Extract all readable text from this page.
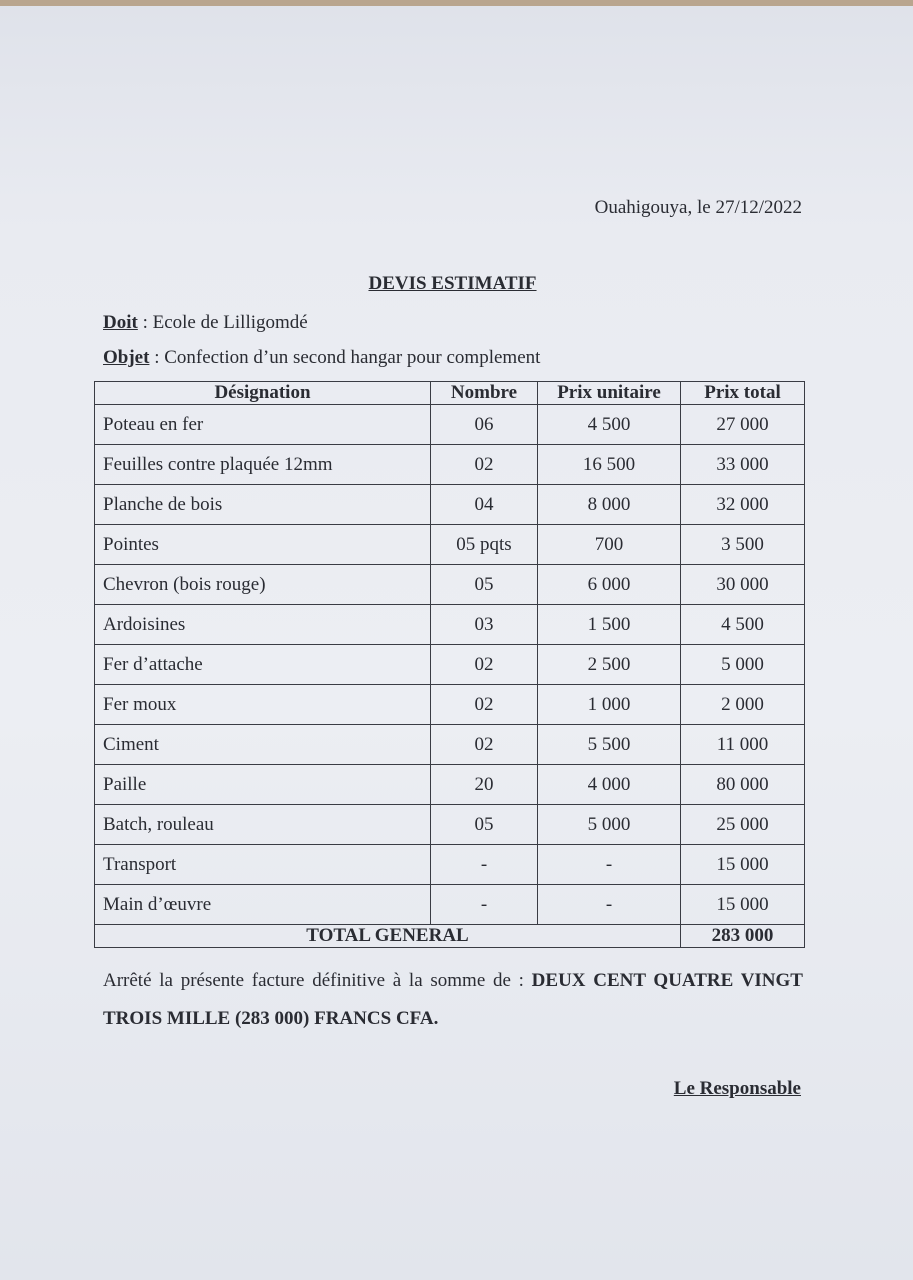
Ouahigouya, le 27/12/2022
DEVIS ESTIMATIF
Doit : Ecole de Lilligomdé
Objet : Confection d’un second hangar pour complement
Désignation	Nombre	Prix unitaire	Prix total
Poteau en fer	06	4 500	27 000
Feuilles contre plaquée 12mm	02	16 500	33 000
Planche de bois	04	8 000	32 000
Pointes	05 pqts	700	3 500
Chevron (bois rouge)	05	6 000	30 000
Ardoisines	03	1 500	4 500
Fer d’attache	02	2 500	5 000
Fer moux	02	1 000	2 000
Ciment	02	5 500	11 000
Paille	20	4 000	80 000
Batch, rouleau	05	5 000	25 000
Transport	-	-	15 000
Main d’œuvre	-	-	15 000
TOTAL GENERAL			283 000
Arrêté la présente facture définitive à la somme de : DEUX CENT QUATRE VINGT TROIS MILLE (283 000) FRANCS CFA.
Le Responsable
